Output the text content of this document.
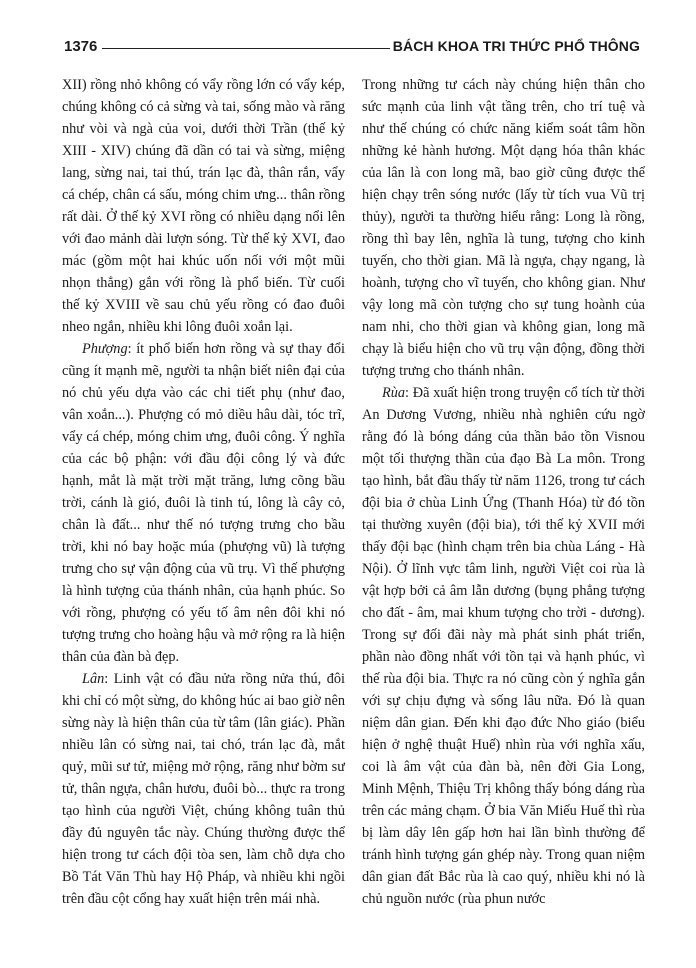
1376	BÁCH KHOA TRI THỨC PHỔ THÔNG

XII) rồng nhỏ không có vẩy rồng lớn có vẩy kép, chúng không có cả sừng và tai, sống mào và răng như vòi và ngà của voi, dưới thời Trần (thế kỷ XIII - XIV) chúng đã dần có tai và sừng, miệng lang, sừng nai, tai thú, trán lạc đà, thân rắn, vẩy cá chép, chân cá sấu, móng chim ưng... thân rồng rất dài. Ở thế kỷ XVI rồng có nhiều dạng nổi lên với đao mảnh dài lượn sóng. Từ thế kỷ XVI, đao mác (gồm một hai khúc uốn nối với một mũi nhọn thẳng) gắn với rồng là phổ biến. Từ cuối thế kỷ XVIII về sau chủ yếu rồng có đao đuôi nheo ngắn, nhiều khi lông đuôi xoắn lại.

Phượng: ít phổ biến hơn rồng và sự thay đổi cũng ít mạnh mẽ, người ta nhận biết niên đại của nó chủ yếu dựa vào các chi tiết phụ (như đao, vân xoắn...). Phượng có mỏ diều hâu dài, tóc trĩ, vẩy cá chép, móng chim ưng, đuôi công. Ý nghĩa của các bộ phận: với đầu đội công lý và đức hạnh, mắt là mặt trời mặt trăng, lưng cõng bầu trời, cánh là gió, đuôi là tinh tú, lông là cây cỏ, chân là đất... như thế nó tượng trưng cho bầu trời, khi nó bay hoặc múa (phượng vũ) là tượng trưng cho sự vận động của vũ trụ. Vì thế phượng là hình tượng của thánh nhân, của hạnh phúc. So với rồng, phượng có yếu tố âm nên đôi khi nó tượng trưng cho hoàng hậu và mở rộng ra là hiện thân của đàn bà đẹp.

Lân: Linh vật có đầu nửa rồng nửa thú, đôi khi chỉ có một sừng, do không húc ai bao giờ nên sừng này là hiện thân của từ tâm (lân giác). Phần nhiều lân có sừng nai, tai chó, trán lạc đà, mắt quỷ, mũi sư tử, miệng mở rộng, răng như bờm sư tử, thân ngựa, chân hươu, đuôi bò... thực ra trong tạo hình của người Việt, chúng không tuân thủ đầy đủ nguyên tắc này. Chúng thường được thể hiện trong tư cách đội tòa sen, làm chỗ dựa cho Bồ Tát Văn Thù hay Hộ Pháp, và nhiều khi ngồi trên đầu cột cổng hay xuất hiện trên mái nhà.

Trong những tư cách này chúng hiện thân cho sức mạnh của linh vật tầng trên, cho trí tuệ và như thế chúng có chức năng kiểm soát tâm hồn những kẻ hành hương. Một dạng hóa thân khác của lân là con long mã, bao giờ cũng được thể hiện chạy trên sóng nước (lấy từ tích vua Vũ trị thủy), người ta thường hiểu rằng: Long là rồng, rồng thì bay lên, nghĩa là tung, tượng cho kinh tuyến, cho thời gian. Mã là ngựa, chạy ngang, là hoành, tượng cho vĩ tuyến, cho không gian. Như vậy long mã còn tượng cho sự tung hoành của nam nhi, cho thời gian và không gian, long mã chạy là biểu hiện cho vũ trụ vận động, đồng thời tượng trưng cho thánh nhân.

Rùa: Đã xuất hiện trong truyện cổ tích từ thời An Dương Vương, nhiều nhà nghiên cứu ngờ rằng đó là bóng dáng của thần bảo tồn Visnou một tối thượng thần của đạo Bà La môn. Trong tạo hình, bắt đầu thấy từ năm 1126, trong tư cách đội bia ở chùa Linh Ứng (Thanh Hóa) từ đó tồn tại thường xuyên (đội bia), tới thế kỷ XVII mới thấy đội bạc (hình chạm trên bia chùa Láng - Hà Nội). Ở lĩnh vực tâm linh, người Việt coi rùa là vật hợp bởi cả âm lẫn dương (bụng phẳng tượng cho đất - âm, mai khum tượng cho trời - dương). Trong sự đối đãi này mà phát sinh phát triển, phần nào đồng nhất với tồn tại và hạnh phúc, vì thế rùa đội bia. Thực ra nó cũng còn ý nghĩa gắn với sự chịu đựng và sống lâu nữa. Đó là quan niệm dân gian. Đến khi đạo đức Nho giáo (biểu hiện ở nghệ thuật Huế) nhìn rùa với nghĩa xấu, coi là âm vật của đàn bà, nên đời Gia Long, Minh Mệnh, Thiệu Trị không thấy bóng dáng rùa trên các mảng chạm. Ở bia Văn Miếu Huế thì rùa bị làm dây lên gấp hơn hai lần bình thường để tránh hình tượng gán ghép này. Trong quan niệm dân gian đất Bắc rùa là cao quý, nhiều khi nó là chủ nguồn nước (rùa phun nước
